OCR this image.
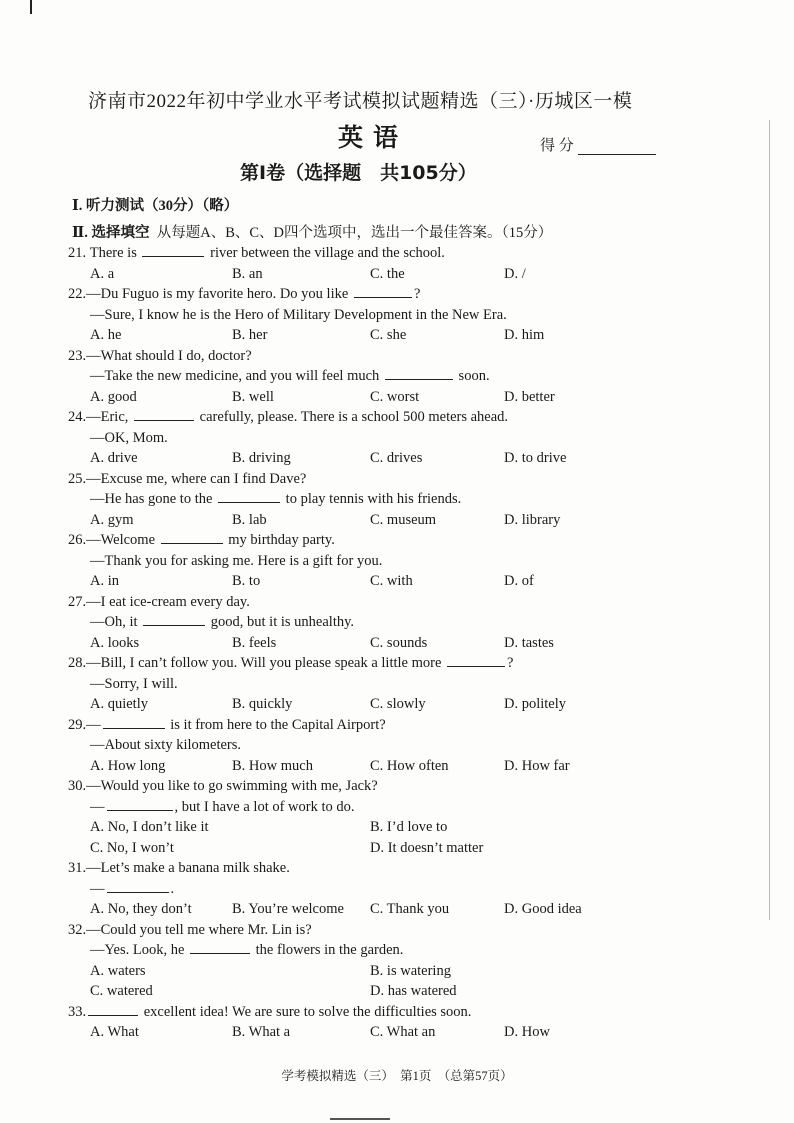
济南市2022年初中学业水平考试模拟试题精选（三）·历城区一模
英语	得 分
第Ⅰ卷（选择题　共105分）
Ⅰ. 听力测试（30分）（略）
Ⅱ. 选择填空 从每题A、B、C、D四个选项中，选出一个最佳答案。（15分）
21. There is	river between the village and the school.
A. a	B. an	C. the	D. /
22.—Du Fuguo is my favorite hero. Do you like	?
—Sure, I know he is the Hero of Military Development in the New Era.
A. he	B. her	C. she	D. him
23.—What should I do, doctor?
—Take the new medicine, and you will feel much	soon.
A. good	B. well	C. worst	D. better
24.—Eric,	carefully, please. There is a school 500 meters ahead.
—OK, Mom.
A. drive	B. driving	C. drives	D. to drive
25.—Excuse me, where can I find Dave?
—He has gone to the	to play tennis with his friends.
A. gym	B. lab	C. museum	D. library
26.—Welcome	my birthday party.
—Thank you for asking me. Here is a gift for you.
A. in	B. to	C. with	D. of
27.—I eat ice-cream every day.
—Oh, it	good, but it is unhealthy.
A. looks	B. feels	C. sounds	D. tastes
28.—Bill, I can’t follow you. Will you please speak a little more	?
—Sorry, I will.
A. quietly	B. quickly	C. slowly	D. politely
29.—	is it from here to the Capital Airport?
—About sixty kilometers.
A. How long	B. How much	C. How often	D. How far
30.—Would you like to go swimming with me, Jack?
—	, but I have a lot of work to do.
A. No, I don’t like it	B. I’d love to
C. No, I won’t	D. It doesn’t matter
31.—Let’s make a banana milk shake.
—	.
A. No, they don’t	B. You’re welcome C. Thank you	D. Good idea
32.—Could you tell me where Mr. Lin is?
—Yes. Look, he	the flowers in the garden.
A. waters	B. is watering
C. watered	D. has watered
33.	excellent idea! We are sure to solve the difficulties soon.
A. What	B. What a	C. What an	D. How
学考模拟精选（三）　第1页　（总第57页）
